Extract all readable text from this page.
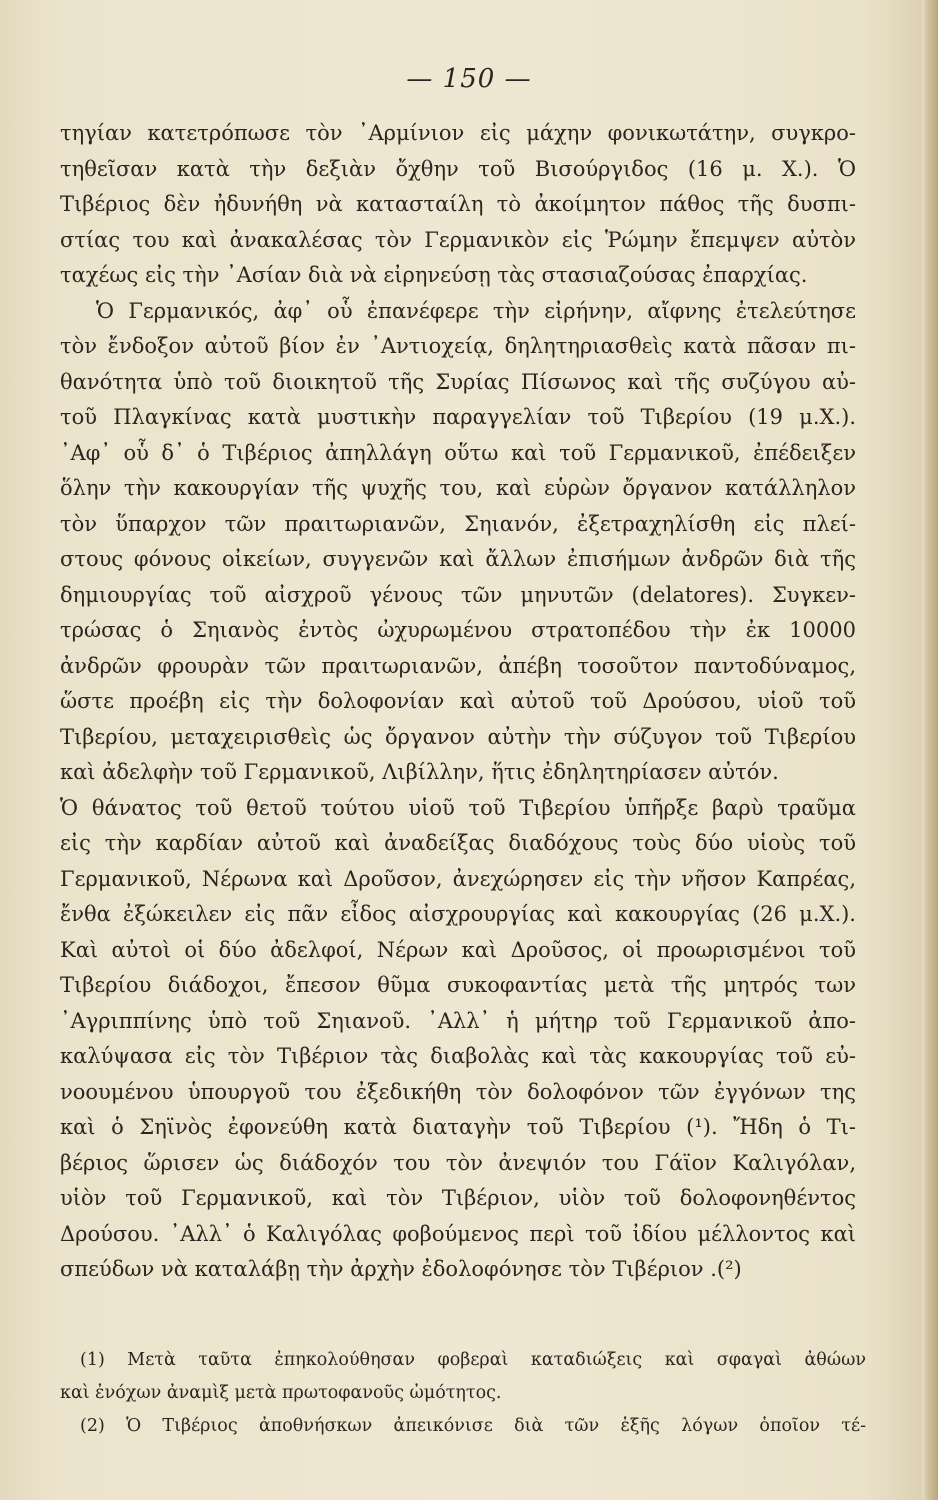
— 150 —
τηγίαν κατετρόπωσε τὸν ᾿Αρμίνιον εἰς μάχην φονικωτάτην, συγκρο-
τηθεῖσαν κατὰ τὴν δεξιὰν ὄχθην τοῦ Βισούργιδος (16 μ. Χ.). Ὁ
Τιβέριος δὲν ἠδυνήθη νὰ κατασταίλη τὸ ἀκοίμητον πάθος τῆς δυσπι-
στίας του καὶ ἀνακαλέσας τὸν Γερμανικὸν εἰς Ῥώμην ἔπεμψεν αὐτὸν
ταχέως εἰς τὴν ᾿Ασίαν διὰ νὰ εἰρηνεύσῃ τὰς στασιαζούσας ἐπαρχίας.
Ὁ Γερμανικός, ἀφ᾿ οὗ ἐπανέφερε τὴν εἰρήνην, αἴφνης ἐτελεύτησε
τὸν ἔνδοξον αὐτοῦ βίον ἐν ᾿Αντιοχείᾳ, δηλητηριασθεὶς κατὰ πᾶσαν πι-
θανότητα ὑπὸ τοῦ διοικητοῦ τῆς Συρίας Πίσωνος καὶ τῆς συζύγου αὐ-
τοῦ Πλαγκίνας κατὰ μυστικὴν παραγγελίαν τοῦ Τιβερίου (19 μ.Χ.).
᾿Αφ᾿ οὗ δ᾿ ὁ Τιβέριος ἀπηλλάγη οὕτω καὶ τοῦ Γερμανικοῦ, ἐπέδειξεν
ὅλην τὴν κακουργίαν τῆς ψυχῆς του, καὶ εὑρὼν ὄργανον κατάλληλον
τὸν ὕπαρχον τῶν πραιτωριανῶν, Σηιανόν, ἐξετραχηλίσθη εἰς πλεί-
στους φόνους οἰκείων, συγγενῶν καὶ ἄλλων ἐπισήμων ἀνδρῶν διὰ τῆς
δημιουργίας τοῦ αἰσχροῦ γένους τῶν μηνυτῶν (delatores). Συγκεν-
τρώσας ὁ Σηιανὸς ἐντὸς ὠχυρωμένου στρατοπέδου τὴν ἐκ 10000
ἀνδρῶν φρουρὰν τῶν πραιτωριανῶν, ἀπέβη τοσοῦτον παντοδύναμος,
ὥστε προέβη εἰς τὴν δολοφονίαν καὶ αὐτοῦ τοῦ Δρούσου, υἱοῦ τοῦ
Τιβερίου, μεταχειρισθεὶς ὡς ὄργανον αὐτὴν τὴν σύζυγον τοῦ Τιβερίου
καὶ ἀδελφὴν τοῦ Γερμανικοῦ, Λιβίλλην, ἥτις ἐδηλητηρίασεν αὐτόν.
Ὁ θάνατος τοῦ θετοῦ τούτου υἱοῦ τοῦ Τιβερίου ὑπῆρξε βαρὺ τραῦμα
εἰς τὴν καρδίαν αὐτοῦ καὶ ἀναδείξας διαδόχους τοὺς δύο υἱοὺς τοῦ
Γερμανικοῦ, Νέρωνα καὶ Δροῦσον, ἀνεχώρησεν εἰς τὴν νῆσον Καπρέας,
ἔνθα ἐξώκειλεν εἰς πᾶν εἶδος αἰσχρουργίας καὶ κακουργίας (26 μ.Χ.).
Καὶ αὐτοὶ οἱ δύο ἀδελφοί, Νέρων καὶ Δροῦσος, οἱ προωρισμένοι τοῦ
Τιβερίου διάδοχοι, ἔπεσον θῦμα συκοφαντίας μετὰ τῆς μητρός των
᾿Αγριππίνης ὑπὸ τοῦ Σηιανοῦ. ᾿Αλλ᾿ ἡ μήτηρ τοῦ Γερμανικοῦ ἀπο-
καλύψασα εἰς τὸν Τιβέριον τὰς διαβολὰς καὶ τὰς κακουργίας τοῦ εὐ-
νοουμένου ὑπουργοῦ του ἐξεδικήθη τὸν δολοφόνον τῶν ἐγγόνων της
καὶ ὁ Σηϊνὸς ἐφονεύθη κατὰ διαταγὴν τοῦ Τιβερίου (¹). Ἤδη ὁ Τι-
βέριος ὥρισεν ὡς διάδοχόν του τὸν ἀνεψιόν του Γάϊον Καλιγόλαν,
υἱὸν τοῦ Γερμανικοῦ, καὶ τὸν Τιβέριον, υἱὸν τοῦ δολοφονηθέντος
Δρούσου. ᾿Αλλ᾿ ὁ Καλιγόλας φοβούμενος περὶ τοῦ ἰδίου μέλλοντος καὶ
σπεύδων νὰ καταλάβῃ τὴν ἀρχὴν ἐδολοφόνησε τὸν Τιβέριον .(²)
(1) Μετὰ ταῦτα ἐπηκολούθησαν φοβεραὶ καταδιώξεις καὶ σφαγαὶ ἀθώων
καὶ ἐνόχων ἀναμὶξ μετὰ πρωτοφανοῦς ὠμότητος.
(2) Ὁ Τιβέριος ἀποθνήσκων ἀπεικόνισε διὰ τῶν ἑξῆς λόγων ὁποῖον τέ-
